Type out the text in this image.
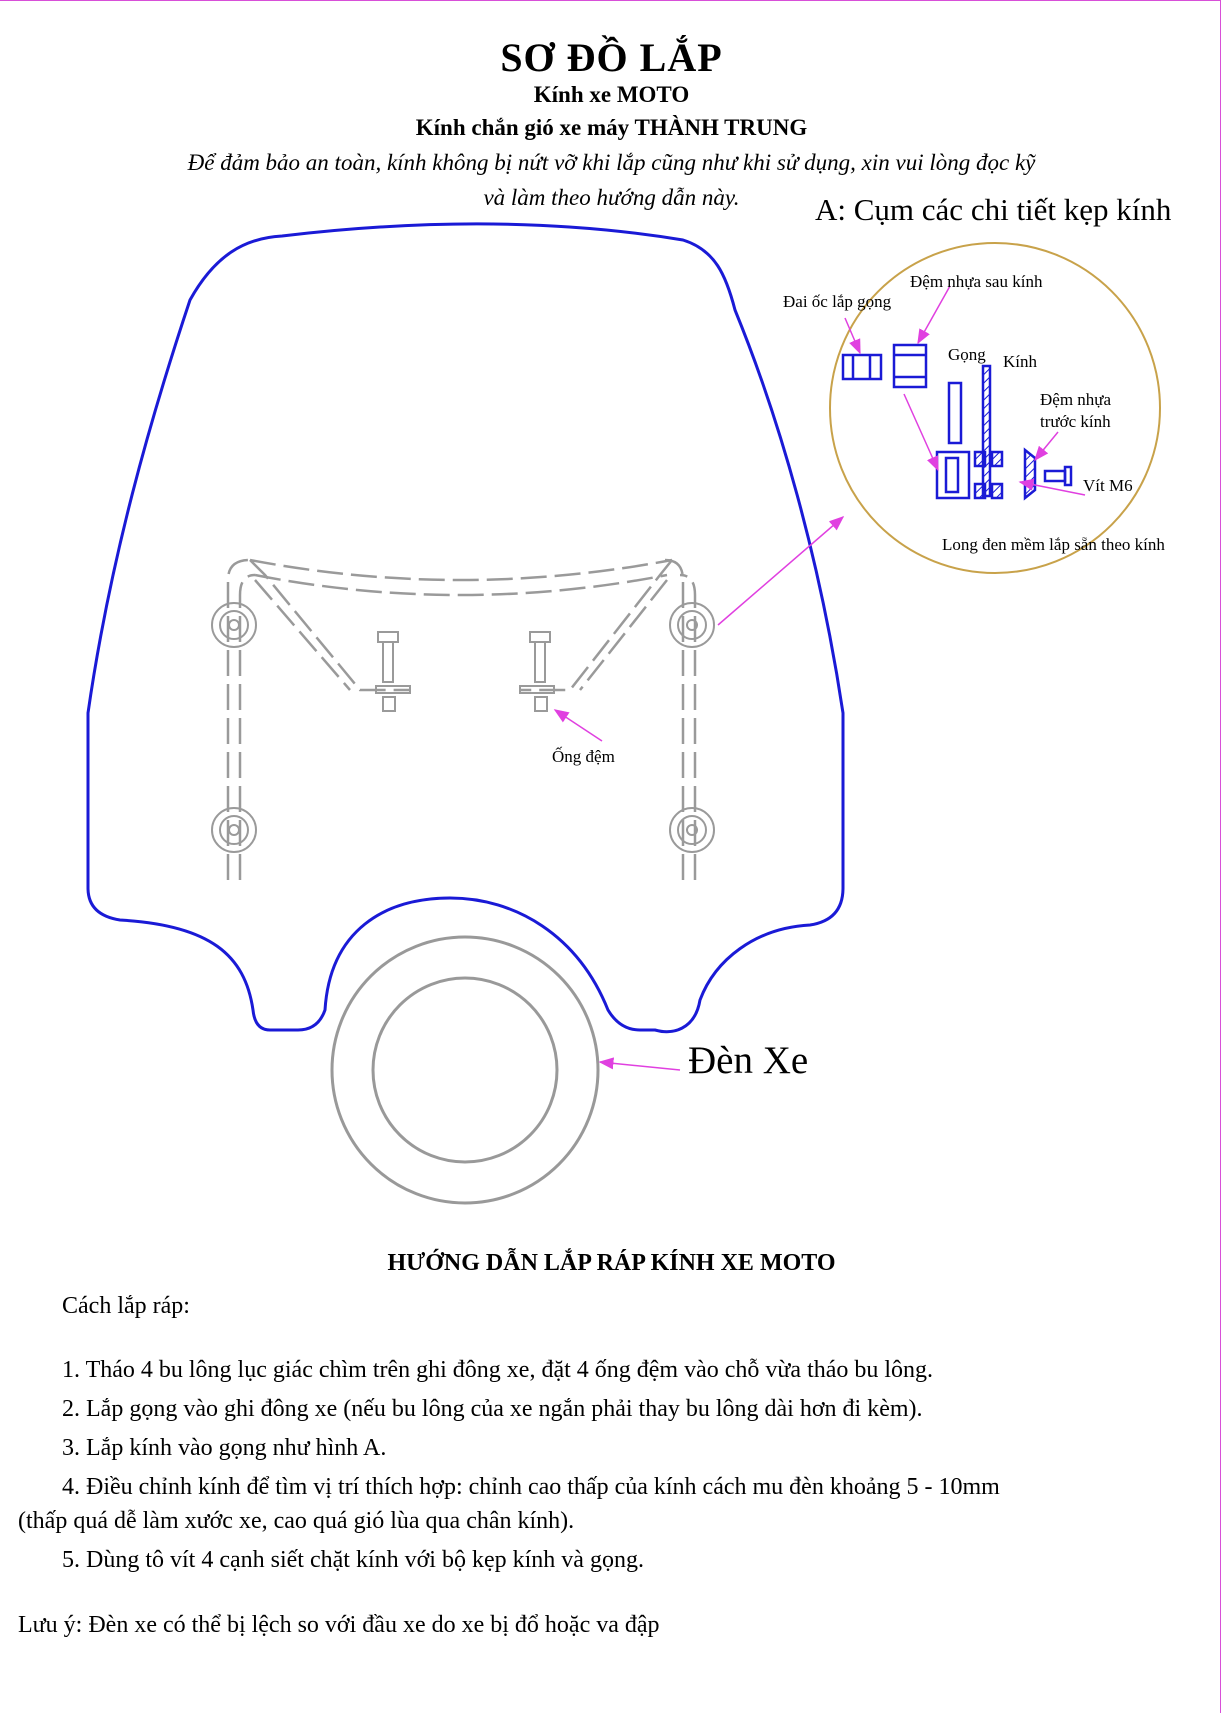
SƠ ĐỒ LẮP
Kính xe MOTO
Kính chắn gió xe máy THÀNH TRUNG
Để đảm bảo an toàn, kính không bị nứt vỡ khi lắp cũng như khi sử dụng, xin vui lòng đọc kỹ
và làm theo hướng dẫn này.	A: Cụm các chi tiết kẹp kính
Đai ốc lắp gọng
Đệm nhựa sau kính
Gọng Kính
Đệm nhựa
trước kính
Vít M6
Long đen mềm lắp sẵn theo kính
Ống đệm
Đèn Xe
HƯỚNG DẪN LẮP RÁP KÍNH XE MOTO
Cách lắp ráp:
1. Tháo 4 bu lông lục giác chìm trên ghi đông xe, đặt 4 ống đệm vào chỗ vừa tháo bu lông.
2. Lắp gọng vào ghi đông xe (nếu bu lông của xe ngắn phải thay bu lông dài hơn đi kèm).
3. Lắp kính vào gọng như hình A.
4. Điều chỉnh kính để tìm vị trí thích hợp: chỉnh cao thấp của kính cách mu đèn khoảng 5 - 10mm
(thấp quá dễ làm xước xe, cao quá gió lùa qua chân kính).
5. Dùng tô vít 4 cạnh siết chặt kính với bộ kẹp kính và gọng.
Lưu ý: Đèn xe có thể bị lệch so với đầu xe do xe bị đổ hoặc va đập
